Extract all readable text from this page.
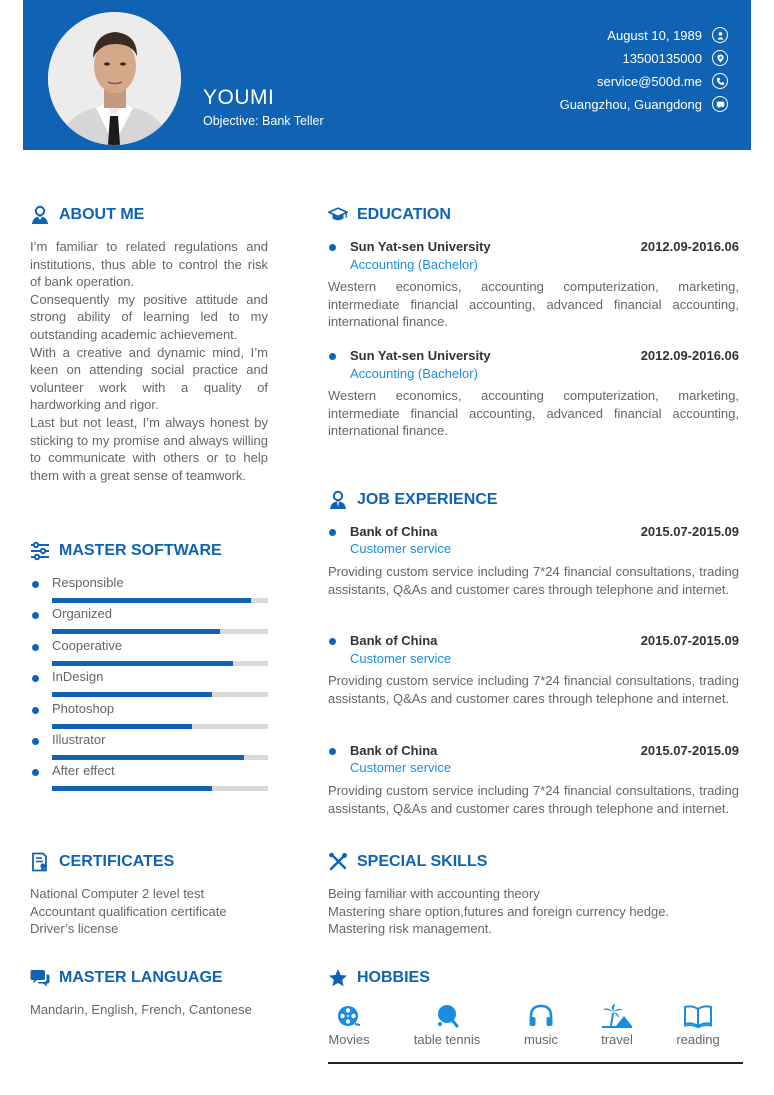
YOUMI
Objective: Bank Teller
August 10, 1989
13500135000
service@500d.me
Guangzhou, Guangdong
ABOUT ME
I’m familiar to related regulations and institutions, thus able to control the risk of bank operation.
Consequently my positive attitude and strong ability of learning led to my outstanding academic achievement.
With a creative and dynamic mind, I’m keen on attending social practice and volunteer work with a quality of hardworking and rigor.
Last but not least, I’m always honest by sticking to my promise and always willing to communicate with others or to help them with a great sense of teamwork.
MASTER SOFTWARE
Responsible
Organized
Cooperative
InDesign
Photoshop
Illustrator
After effect
CERTIFICATES
National Computer 2 level test
Accountant qualification certificate
Driver’s license
MASTER LANGUAGE
Mandarin, English, French, Cantonese
EDUCATION
Sun Yat-sen University	2012.09-2016.06
Accounting (Bachelor)
Western economics, accounting computerization, marketing, intermediate financial accounting, advanced financial accounting, international finance.
Sun Yat-sen University	2012.09-2016.06
Accounting (Bachelor)
Western economics, accounting computerization, marketing, intermediate financial accounting, advanced financial accounting, international finance.
JOB EXPERIENCE
Bank of China	2015.07-2015.09
Customer service
Providing custom service including 7*24 financial consultations, trading assistants, Q&As and customer cares through telephone and internet.
Bank of China	2015.07-2015.09
Customer service
Providing custom service including 7*24 financial consultations, trading assistants, Q&As and customer cares through telephone and internet.
Bank of China	2015.07-2015.09
Customer service
Providing custom service including 7*24 financial consultations, trading assistants, Q&As and customer cares through telephone and internet.
SPECIAL SKILLS
Being familiar with accounting theory
Mastering share option,futures and foreign currency hedge.
Mastering risk management.
HOBBIES
Movies	table tennis	music	travel	reading
